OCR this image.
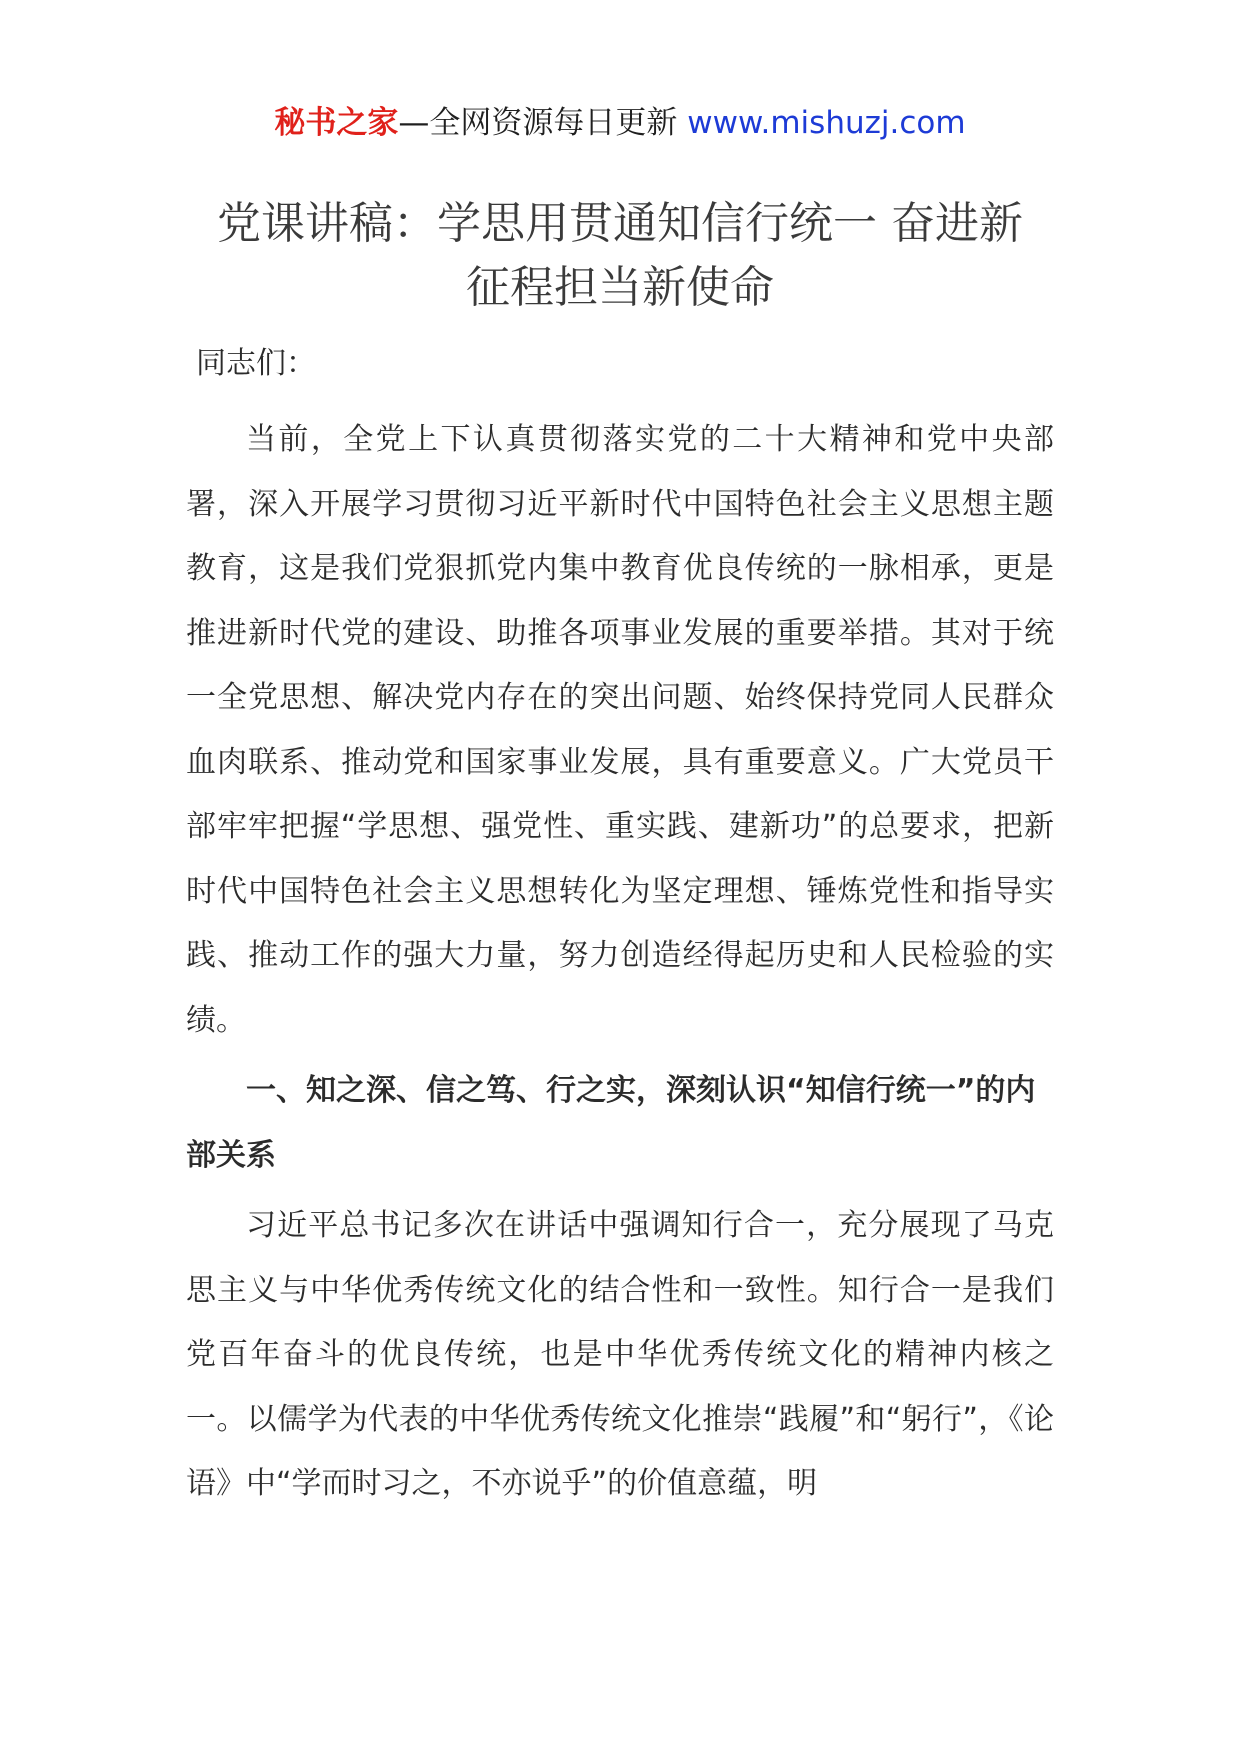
秘书之家—全网资源每日更新 www.mishuzj.com
党课讲稿：学思用贯通知信行统一 奋进新
征程担当新使命

同志们：

当前，全党上下认真贯彻落实党的二十大精神和党中央部署，深入开展学习贯彻习近平新时代中国特色社会主义思想主题教育，这是我们党狠抓党内集中教育优良传统的一脉相承，更是推进新时代党的建设、助推各项事业发展的重要举措。其对于统一全党思想、解决党内存在的突出问题、始终保持党同人民群众血肉联系、推动党和国家事业发展，具有重要意义。广大党员干部牢牢把握“学思想、强党性、重实践、建新功”的总要求，把新时代中国特色社会主义思想转化为坚定理想、锤炼党性和指导实践、推动工作的强大力量，努力创造经得起历史和人民检验的实绩。

一、知之深、信之笃、行之实，深刻认识“知信行统一”的内部关系

习近平总书记多次在讲话中强调知行合一，充分展现了马克思主义与中华优秀传统文化的结合性和一致性。知行合一是我们党百年奋斗的优良传统，也是中华优秀传统文化的精神内核之一。以儒学为代表的中华优秀传统文化推崇“践履”和“躬行”，《论语》中“学而时习之，不亦说乎”的价值意蕴，明
